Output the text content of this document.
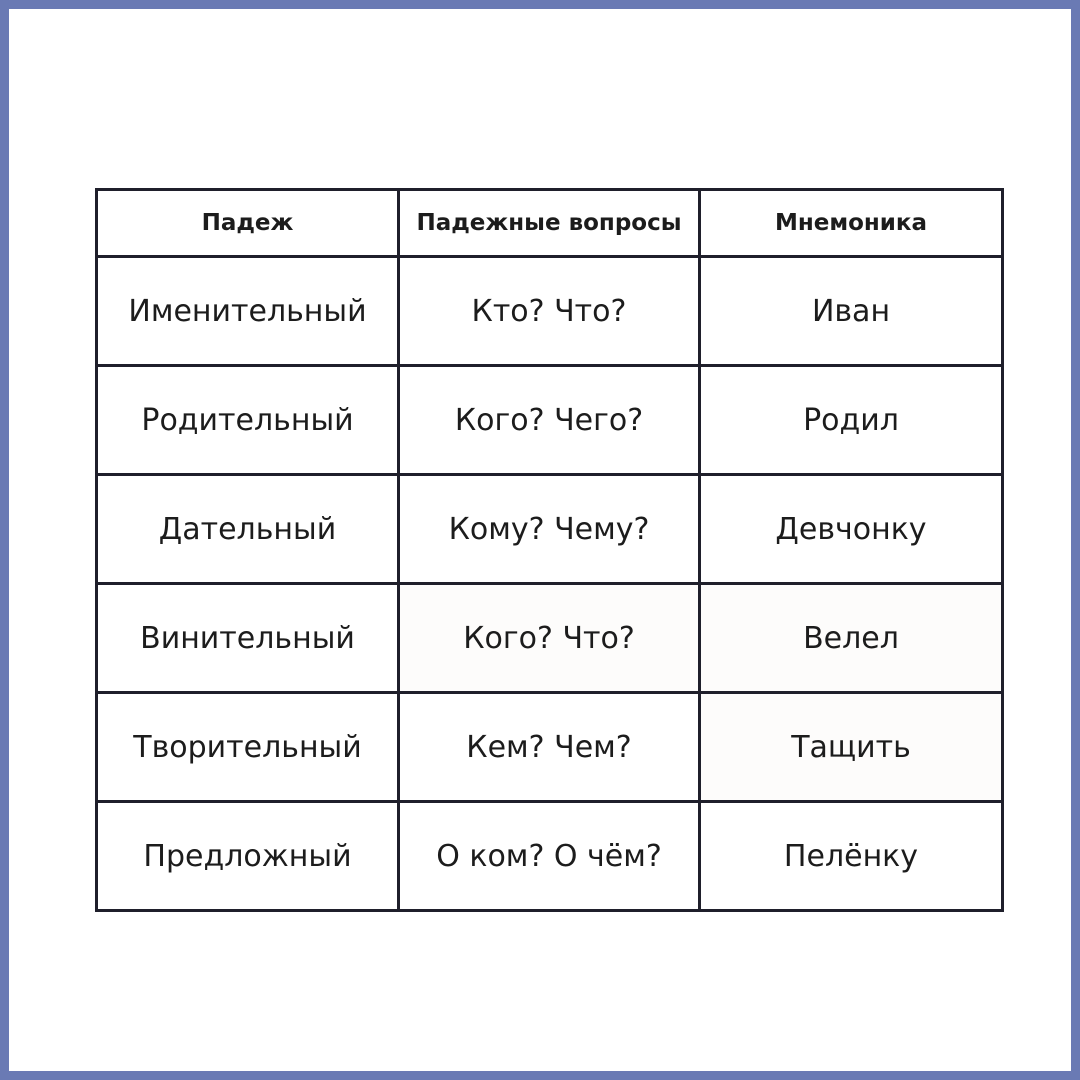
Падеж	Падежные вопросы	Мнемоника
Именительный	Кто? Что?	Иван
Родительный	Кого? Чего?	Родил
Дательный	Кому? Чему?	Девчонку
Винительный	Кого? Что?	Велел
Творительный	Кем? Чем?	Тащить
Предложный	О ком? О чём?	Пелёнку
